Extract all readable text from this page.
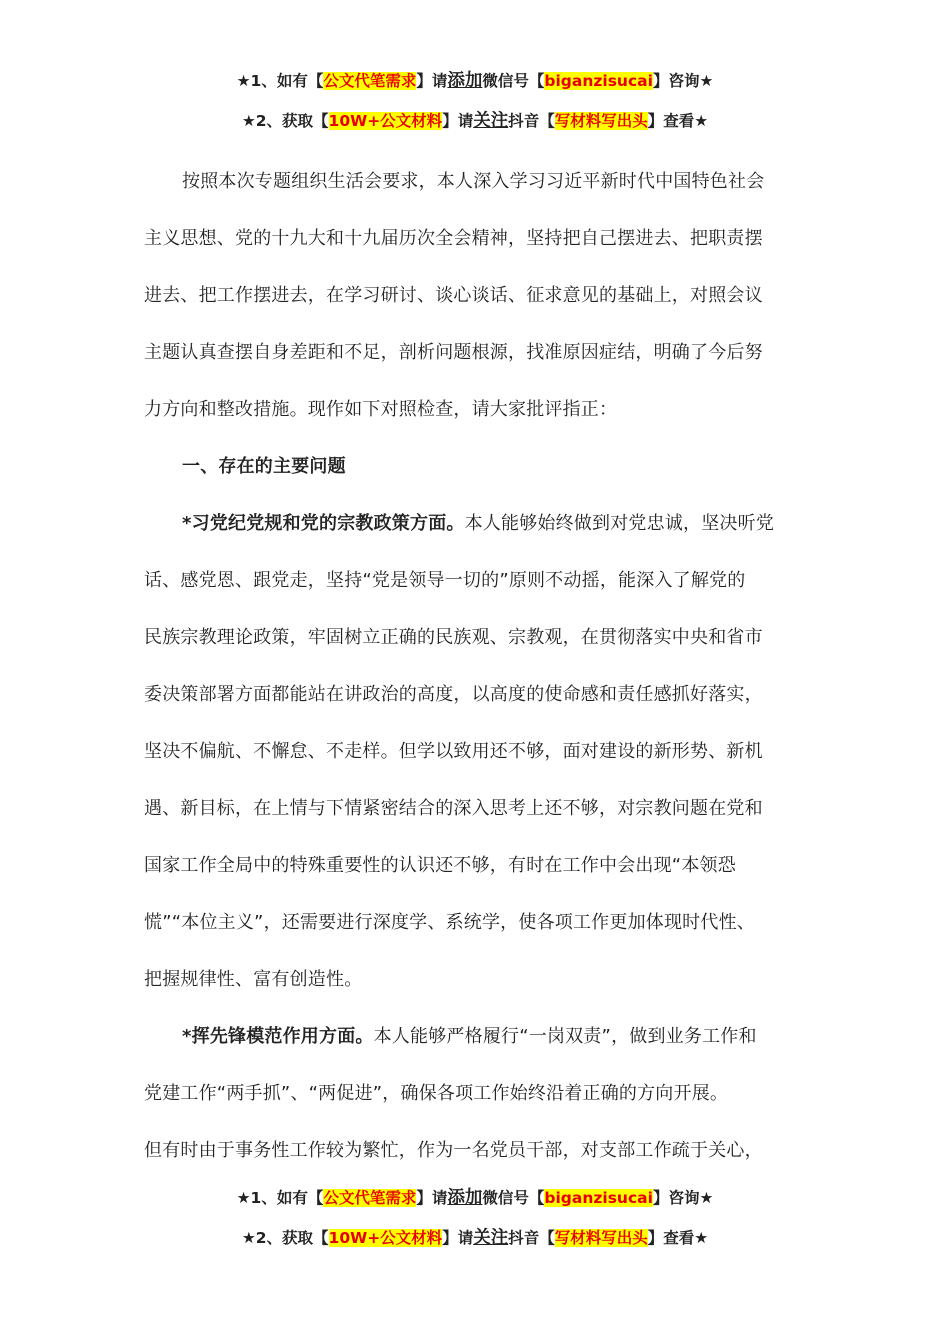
★1、如有【公文代笔需求】请添加微信号【biganzisucai】咨询★
★2、获取【10W+公文材料】请关注抖音【写材料写出头】查看★
按照本次专题组织生活会要求，本人深入学习习近平新时代中国特色社会
主义思想、党的十九大和十九届历次全会精神，坚持把自己摆进去、把职责摆
进去、把工作摆进去，在学习研讨、谈心谈话、征求意见的基础上，对照会议
主题认真查摆自身差距和不足，剖析问题根源，找准原因症结，明确了今后努
力方向和整改措施。现作如下对照检查，请大家批评指正：
一、存在的主要问题
*习党纪党规和党的宗教政策方面。本人能够始终做到对党忠诚，坚决听党
话、感党恩、跟党走，坚持“党是领导一切的”原则不动摇，能深入了解党的
民族宗教理论政策，牢固树立正确的民族观、宗教观，在贯彻落实中央和省市
委决策部署方面都能站在讲政治的高度，以高度的使命感和责任感抓好落实，
坚决不偏航、不懈怠、不走样。但学以致用还不够，面对建设的新形势、新机
遇、新目标，在上情与下情紧密结合的深入思考上还不够，对宗教问题在党和
国家工作全局中的特殊重要性的认识还不够，有时在工作中会出现“本领恐
慌”“本位主义”，还需要进行深度学、系统学，使各项工作更加体现时代性、
把握规律性、富有创造性。
*挥先锋模范作用方面。本人能够严格履行“一岗双责”，做到业务工作和
党建工作“两手抓”、“两促进”，确保各项工作始终沿着正确的方向开展。
但有时由于事务性工作较为繁忙，作为一名党员干部，对支部工作疏于关心，
★1、如有【公文代笔需求】请添加微信号【biganzisucai】咨询★
★2、获取【10W+公文材料】请关注抖音【写材料写出头】查看★
